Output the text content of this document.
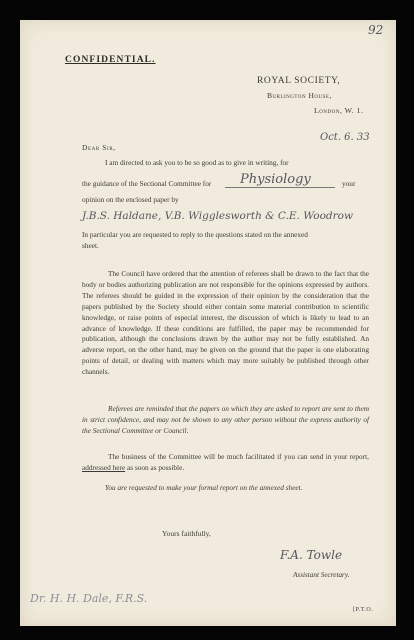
92
CONFIDENTIAL.
ROYAL SOCIETY,
Burlington House,
London, W. 1.
Oct. 6. 33
Dear Sir,
I am directed to ask you to be so good as to give in writing, for
the guidance of the Sectional Committee for Physiology	your
opinion on the enclosed paper by
J.B.S. Haldane, V.B. Wigglesworth & C.E. Woodrow
In particular you are requested to reply to the questions stated on the annexed
sheet.
The Council have ordered that the attention of referees shall be drawn to the fact that the body or bodies authorizing publication are not responsible for the opinions expressed by authors. The referees should be guided in the expression of their opinion by the consideration that the papers published by the Society should either contain some material contribution to scientific knowledge, or raise points of especial interest, the discussion of which is likely to lead to an advance of knowledge. If these conditions are fulfilled, the paper may be recommended for publication, although the conclusions drawn by the author may not be fully established. An adverse report, on the other hand, may be given on the ground that the paper is one elaborating points of detail, or dealing with matters which may more suitably be published through other channels.
Referees are reminded that the papers on which they are asked to report are sent to them in strict confidence, and may not be shown to any other person without the express authority of the Sectional Committee or Council.
The business of the Committee will be much facilitated if you can send in your report, addressed here as soon as possible.
You are requested to make your formal report on the annexed sheet.
Yours faithfully,
F.A. Towle
Assistant Secretary.
Dr. H. H. Dale, F.R.S.
[P.T.O.
